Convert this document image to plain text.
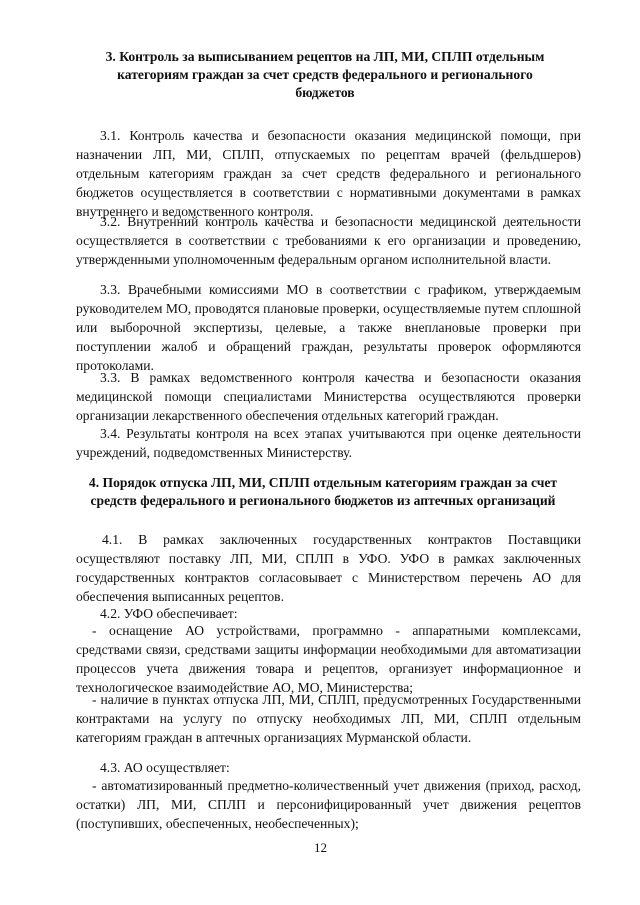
3. Контроль за выписыванием рецептов на ЛП, МИ, СПЛП отдельным
категориям граждан за счет средств федерального и регионального
бюджетов
3.1. Контроль качества и безопасности оказания медицинской помощи, при назначении ЛП, МИ, СПЛП, отпускаемых по рецептам врачей (фельдшеров) отдельным категориям граждан за счет средств федерального и регионального бюджетов осуществляется в соответствии с нормативными документами в рамках внутреннего и ведомственного контроля.
3.2. Внутренний контроль качества и безопасности медицинской деятельности осуществляется в соответствии с требованиями к его организации и проведению, утвержденными уполномоченным федеральным органом исполнительной власти.
3.3. Врачебными комиссиями МО в соответствии с графиком, утверждаемым руководителем МО, проводятся плановые проверки, осуществляемые путем сплошной или выборочной экспертизы, целевые, а также внеплановые проверки при поступлении жалоб и обращений граждан, результаты проверок оформляются протоколами.
3.3. В рамках ведомственного контроля качества и безопасности оказания медицинской помощи специалистами Министерства осуществляются проверки организации лекарственного обеспечения отдельных категорий граждан.
3.4. Результаты контроля на всех этапах учитываются при оценке деятельности учреждений, подведомственных Министерству.
4. Порядок отпуска ЛП, МИ, СПЛП отдельным категориям граждан за счет
средств федерального и регионального бюджетов из аптечных организаций
4.1. В рамках заключенных государственных контрактов Поставщики осуществляют поставку ЛП, МИ, СПЛП в УФО. УФО в рамках заключенных государственных контрактов согласовывает с Министерством перечень АО для обеспечения выписанных рецептов.
4.2. УФО обеспечивает:
- оснащение АО устройствами, программно - аппаратными комплексами, средствами связи, средствами защиты информации необходимыми для автоматизации процессов учета движения товара и рецептов, организует информационное и технологическое взаимодействие АО, МО, Министерства;
- наличие в пунктах отпуска ЛП, МИ, СПЛП, предусмотренных Государственными контрактами на услугу по отпуску необходимых ЛП, МИ, СПЛП отдельным категориям граждан в аптечных организациях Мурманской области.
4.3. АО осуществляет:
- автоматизированный предметно-количественный учет движения (приход, расход, остатки) ЛП, МИ, СПЛП и персонифицированный учет движения рецептов (поступивших, обеспеченных, необеспеченных);
12
